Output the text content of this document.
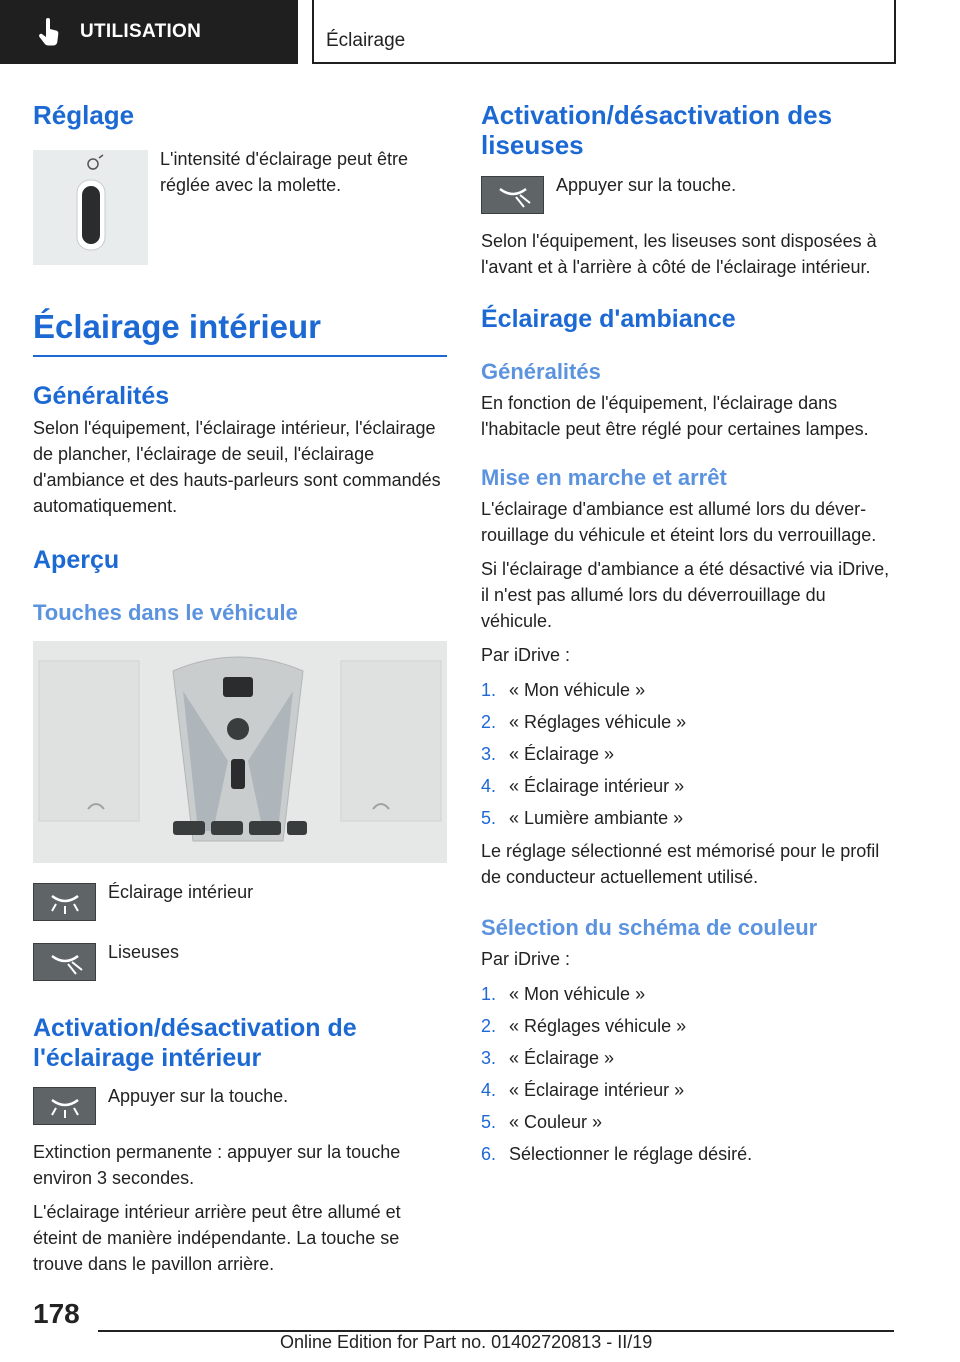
UTILISATION	Éclairage
Réglage
L'intensité d'éclairage peut être réglée avec la molette.
Éclairage intérieur
Généralités

Selon l'équipement, l'éclairage intérieur, l'éclairage de plancher, l'éclairage de seuil, l'éclairage d'ambiance et des hauts-parleurs sont commandés automatiquement.

Aperçu
Touches dans le véhicule
Éclairage intérieur
Liseuses
Activation/désactivation de l'éclairage intérieur
Appuyer sur la touche.

Extinction permanente : appuyer sur la touche environ 3 secondes.

L'éclairage intérieur arrière peut être allumé et éteint de manière indépendante. La touche se trouve dans le pavillon arrière.

Activation/désactivation des liseuses
Appuyer sur la touche.

Selon l'équipement, les liseuses sont disposées à l'avant et à l'arrière à côté de l'éclairage intérieur.

Éclairage d'ambiance
Généralités

En fonction de l'équipement, l'éclairage dans l'habitacle peut être réglé pour certaines lampes.

Mise en marche et arrêt

L'éclairage d'ambiance est allumé lors du déverrouillage du véhicule et éteint lors du verrouillage.

Si l'éclairage d'ambiance a été désactivé via iDrive, il n'est pas allumé lors du déverrouillage du véhicule.

Par iDrive :

1. « Mon véhicule »
2. « Réglages véhicule »
3. « Éclairage »
4. « Éclairage intérieur »
5. « Lumière ambiante »

Le réglage sélectionné est mémorisé pour le profil de conducteur actuellement utilisé.

Sélection du schéma de couleur

Par iDrive :

1. « Mon véhicule »
2. « Réglages véhicule »
3. « Éclairage »
4. « Éclairage intérieur »
5. « Couleur »
6. Sélectionner le réglage désiré.
178
Online Edition for Part no. 01402720813 - II/19
